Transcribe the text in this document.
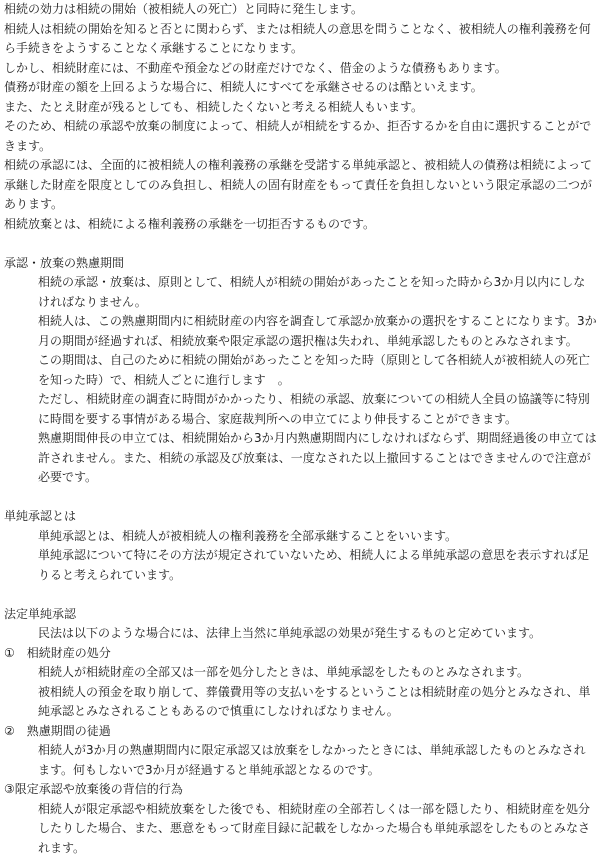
相続の効力は相続の開始（被相続人の死亡）と同時に発生します。

相続人は相続の開始を知ると否とに関わらず、または相続人の意思を問うことなく、被相続人の権利義務を何ら手続きをようすることなく承継することになります。

しかし、相続財産には、不動産や預金などの財産だけでなく、借金のような債務もあります。

債務が財産の額を上回るような場合に、相続人にすべてを承継させるのは酷といえます。

また、たとえ財産が残るとしても、相続したくないと考える相続人もいます。

そのため、相続の承認や放棄の制度によって、相続人が相続をするか、拒否するかを自由に選択することができます。

相続の承認には、全面的に被相続人の権利義務の承継を受諾する単純承認と、被相続人の債務は相続によって承継した財産を限度としてのみ負担し、相続人の固有財産をもって責任を負担しないという限定承認の二つがあります。

相続放棄とは、相続による権利義務の承継を一切拒否するものです。

承認・放棄の熟慮期間

相続の承認・放棄は、原則として、相続人が相続の開始があったことを知った時から3か月以内にしなければなりません。

相続人は、この熟慮期間内に相続財産の内容を調査して承認か放棄かの選択をすることになります。3か月の期間が経過すれば、相続放棄や限定承認の選択権は失われ、単純承認したものとみなされます。

この期間は、自己のために相続の開始があったことを知った時（原則として各相続人が被相続人の死亡を知った時）で、相続人ごとに進行します　。

ただし、相続財産の調査に時間がかかったり、相続の承認、放棄についての相続人全員の協議等に特別に時間を要する事情がある場合、家庭裁判所への申立てにより伸長することができます。

熟慮期間伸長の申立ては、相続開始から3か月内熟慮期間内にしなければならず、期間経過後の申立ては許されません。また、相続の承認及び放棄は、一度なされた以上撤回することはできませんので注意が必要です。

単純承認とは

単純承認とは、相続人が被相続人の権利義務を全部承継することをいいます。

単純承認について特にその方法が規定されていないため、相続人による単純承認の意思を表示すれば足りると考えられています。

法定単純承認

民法は以下のような場合には、法律上当然に単純承認の効果が発生するものと定めています。

①　相続財産の処分

相続人が相続財産の全部又は一部を処分したときは、単純承認をしたものとみなされます。

被相続人の預金を取り崩して、葬儀費用等の支払いをするということは相続財産の処分とみなされ、単純承認とみなされることもあるので慎重にしなければなりません。

②　熟慮期間の徒過

相続人が3か月の熟慮期間内に限定承認又は放棄をしなかったときには、単純承認したものとみなされます。何もしないで3か月が経過すると単純承認となるのです。

③限定承認や放棄後の背信的行為

相続人が限定承認や相続放棄をした後でも、相続財産の全部若しくは一部を隠したり、相続財産を処分したりした場合、また、悪意をもって財産目録に記載をしなかった場合も単純承認をしたものとみなされます。
